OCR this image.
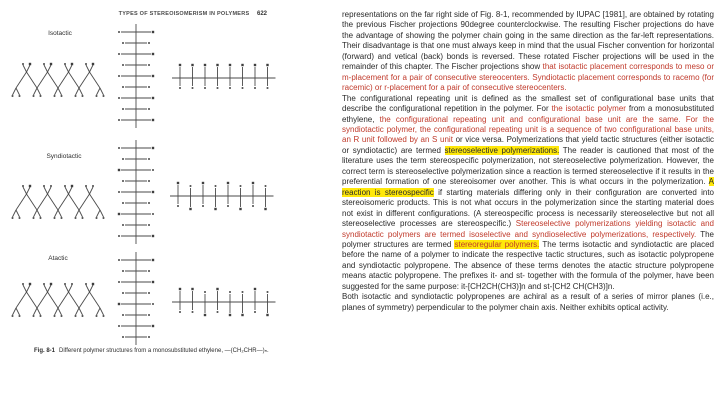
TYPES OF STEREOISOMERISM IN POLYMERS	622
Isotactic
Syndiotactic
Atactic
Fig. 8-1 Different polymer structures from a monosubstituted ethylene, —(CH₂CHR—)ₙ.

representations on the far right side of Fig. 8-1, recommended by IUPAC [1981], are obtained by rotating the previous Fischer projections 90degree counterclockwise. The resulting Fischer projections do have the advantage of showing the polymer chain going in the same direction as the far-left representations. Their disadvantage is that one must always keep in mind that the usual Fischer convention for horizontal (forward) and vetical (back) bonds is reversed. These rotated Fischer projections will be used in the remainder of this chapter. The Fischer projections show that isotactic placement corresponds to meso or m-placement for a pair of consecutive stereocenters. Syndiotactic placement corresponds to racemo (for racemic) or r-placement for a pair of consecutive stereocenters.

The configurational repeating unit is defined as the smallest set of configurational base units that describe the configurational repetition in the polymer. For the isotactic polymer from a monosubstituted ethylene, the configurational repeating unit and configurational base unit are the same. For the syndiotactic polymer, the configurational repeating unit is a sequence of two configurational base units, an R unit followed by an S unit or vice versa. Polymerizations that yield tactic structures (either isotactic or syndiotactic) are termed stereoselective polymerizations. The reader is cautioned that most of the literature uses the term stereospecific polymerization, not stereoselective polymerization. However, the correct term is stereoselective polymerization since a reaction is termed stereoselective if it results in the preferential formation of one stereoisomer over another. This is what occurs in the polymerization. A reaction is stereospecific if starting materials differing only in their configuration are converted into stereoisomeric products. This is not what occurs in the polymerization since the starting material does not exist in different configurations. (A stereospecific process is necessarily stereoselective but not all stereoselective processes are stereospecific.) Stereoselective polymerizations yielding isotactic and syndiotactic polymers are termed isoselective and syndioselective polymerizations, respectively. The polymer structures are termed stereoregular polymers. The terms isotactic and syndiotactic are placed before the name of a polymer to indicate the respective tactic structures, such as isotactic polypropene and syndiotactic polypropene. The absence of these terms denotes the atactic structure polypropene means atactic polypropene. The prefixes it- and st- together with the formula of the polymer, have been suggested for the same purpose: it-[CH2CH(CH3)]n and st-[CH2 CH(CH3)]n.

Both isotactic and syndiotactic polypropenes are achiral as a result of a series of mirror planes (i.e., planes of symmetry) perpendicular to the polymer chain axis. Neither exhibits optical activity.
